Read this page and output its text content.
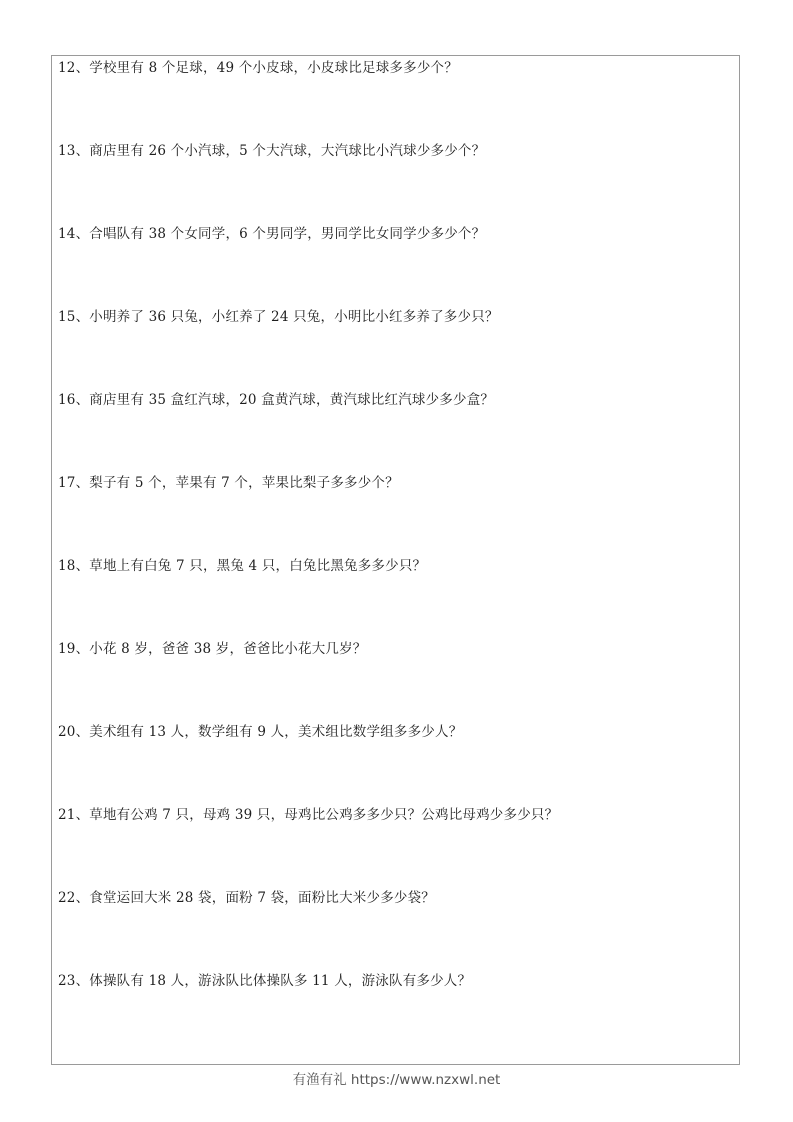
12、学校里有 8 个足球，49 个小皮球，小皮球比足球多多少个？
13、商店里有 26 个小汽球，5 个大汽球，大汽球比小汽球少多少个？
14、合唱队有 38 个女同学，6 个男同学，男同学比女同学少多少个？
15、小明养了 36 只兔，小红养了 24 只兔，小明比小红多养了多少只？
16、商店里有 35 盒红汽球，20 盒黄汽球，黄汽球比红汽球少多少盒？
17、梨子有 5 个，苹果有 7 个，苹果比梨子多多少个？
18、草地上有白兔 7 只，黑兔 4 只，白兔比黑兔多多少只？
19、小花 8 岁，爸爸 38 岁，爸爸比小花大几岁？
20、美术组有 13 人，数学组有 9 人，美术组比数学组多多少人？
21、草地有公鸡 7 只，母鸡 39 只，母鸡比公鸡多多少只？公鸡比母鸡少多少只？
22、食堂运回大米 28 袋，面粉 7 袋，面粉比大米少多少袋？
23、体操队有 18 人，游泳队比体操队多 11 人，游泳队有多少人？
有渔有礼 https://www.nzxwl.net
